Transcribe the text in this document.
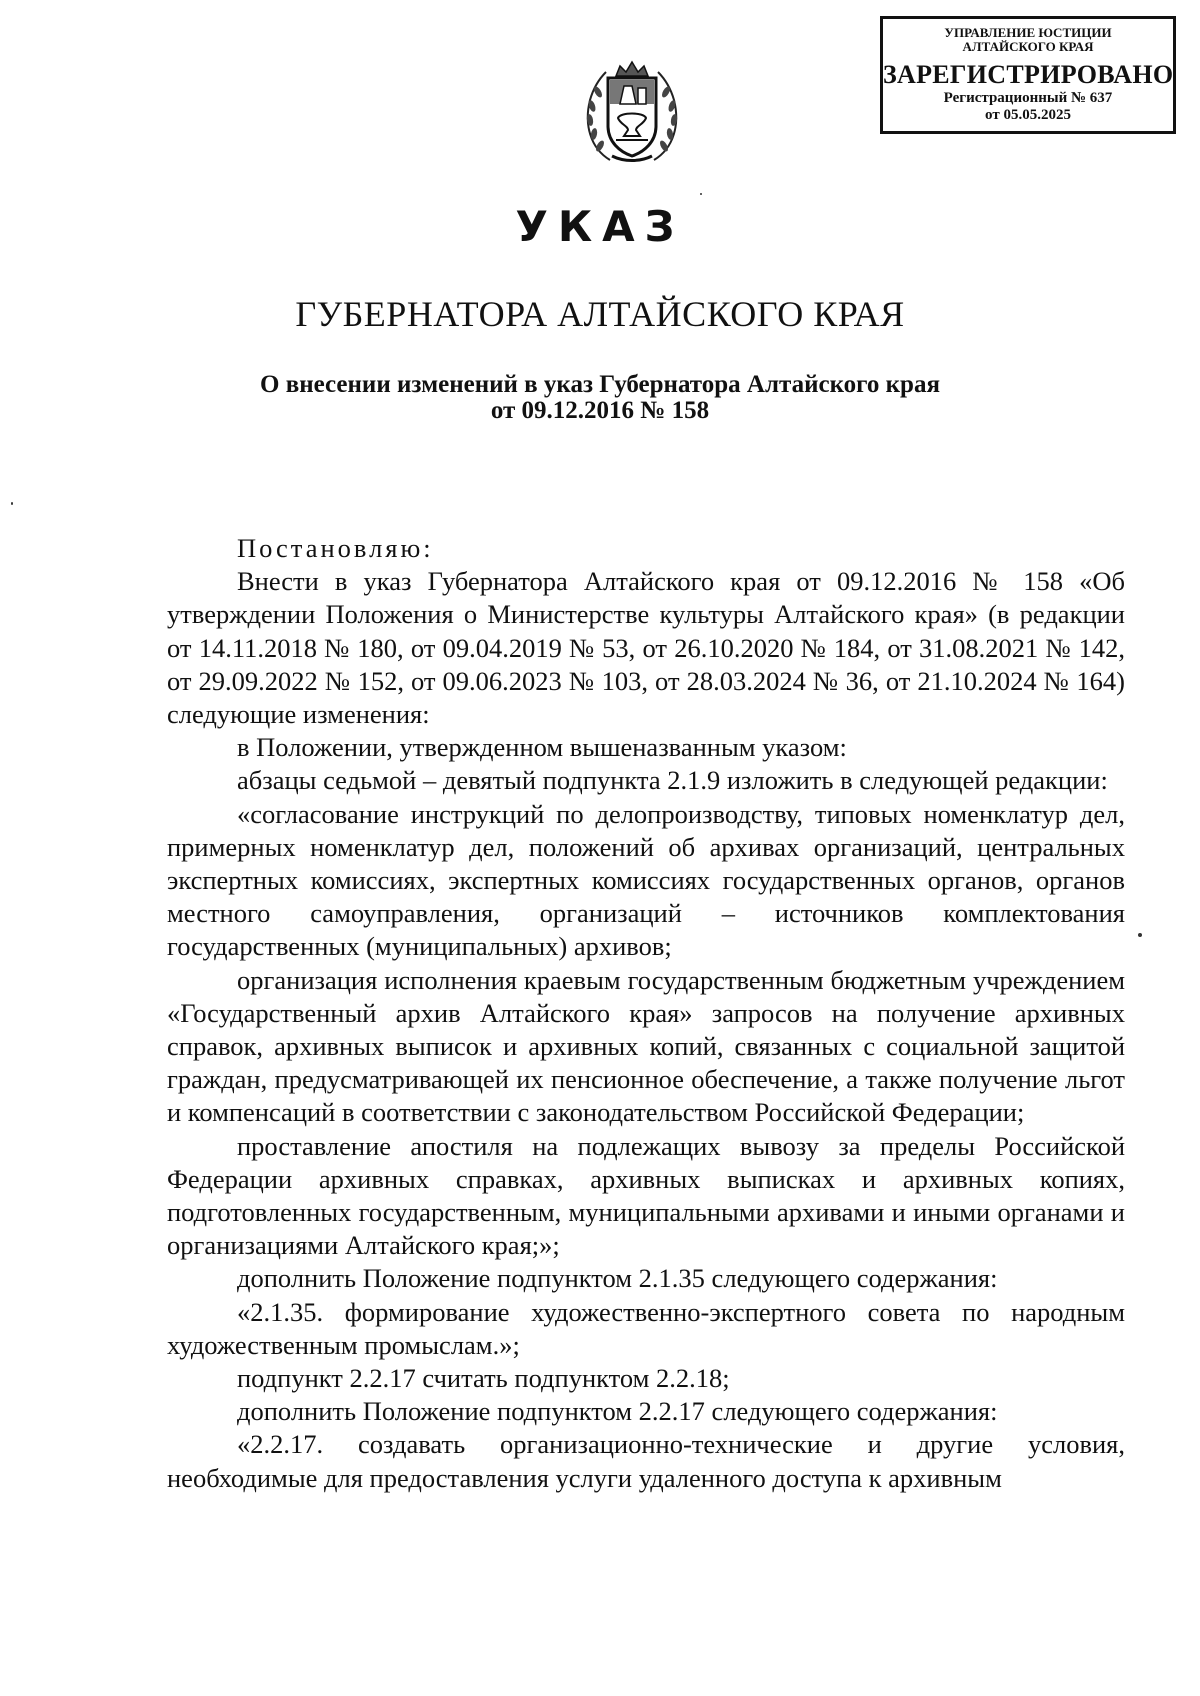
УПРАВЛЕНИЕ ЮСТИЦИИ
АЛТАЙСКОГО КРАЯ
ЗАРЕГИСТРИРОВАНО
Регистрационный № 637
от 05.05.2025
УКАЗ
ГУБЕРНАТОРА АЛТАЙСКОГО КРАЯ
О внесении изменений в указ Губернатора Алтайского края
от 09.12.2016 № 158

Постановляю:

Внести в указ Губернатора Алтайского края от 09.12.2016 № 158 «Об утверждении Положения о Министерстве культуры Алтайского края» (в редакции от 14.11.2018 № 180, от 09.04.2019 № 53, от 26.10.2020 № 184, от 31.08.2021 № 142, от 29.09.2022 № 152, от 09.06.2023 № 103, от 28.03.2024 № 36, от 21.10.2024 № 164) следующие изменения:

в Положении, утвержденном вышеназванным указом:

абзацы седьмой – девятый подпункта 2.1.9 изложить в следующей редакции:

«согласование инструкций по делопроизводству, типовых номенклатур дел, примерных номенклатур дел, положений об архивах организаций, центральных экспертных комиссиях, экспертных комиссиях государственных органов, органов местного самоуправления, организаций – источников комплектования государственных (муниципальных) архивов;

организация исполнения краевым государственным бюджетным учреждением «Государственный архив Алтайского края» запросов на получение архивных справок, архивных выписок и архивных копий, связанных с социальной защитой граждан, предусматривающей их пенсионное обеспечение, а также получение льгот и компенсаций в соответствии с законодательством Российской Федерации;

проставление апостиля на подлежащих вывозу за пределы Российской Федерации архивных справках, архивных выписках и архивных копиях, подготовленных государственным, муниципальными архивами и иными органами и организациями Алтайского края;»;

дополнить Положение подпунктом 2.1.35 следующего содержания:

«2.1.35. формирование художественно-экспертного совета по народным художественным промыслам.»;

подпункт 2.2.17 считать подпунктом 2.2.18;

дополнить Положение подпунктом 2.2.17 следующего содержания:

«2.2.17. создавать организационно-технические и другие условия, необходимые для предоставления услуги удаленного доступа к архивным
